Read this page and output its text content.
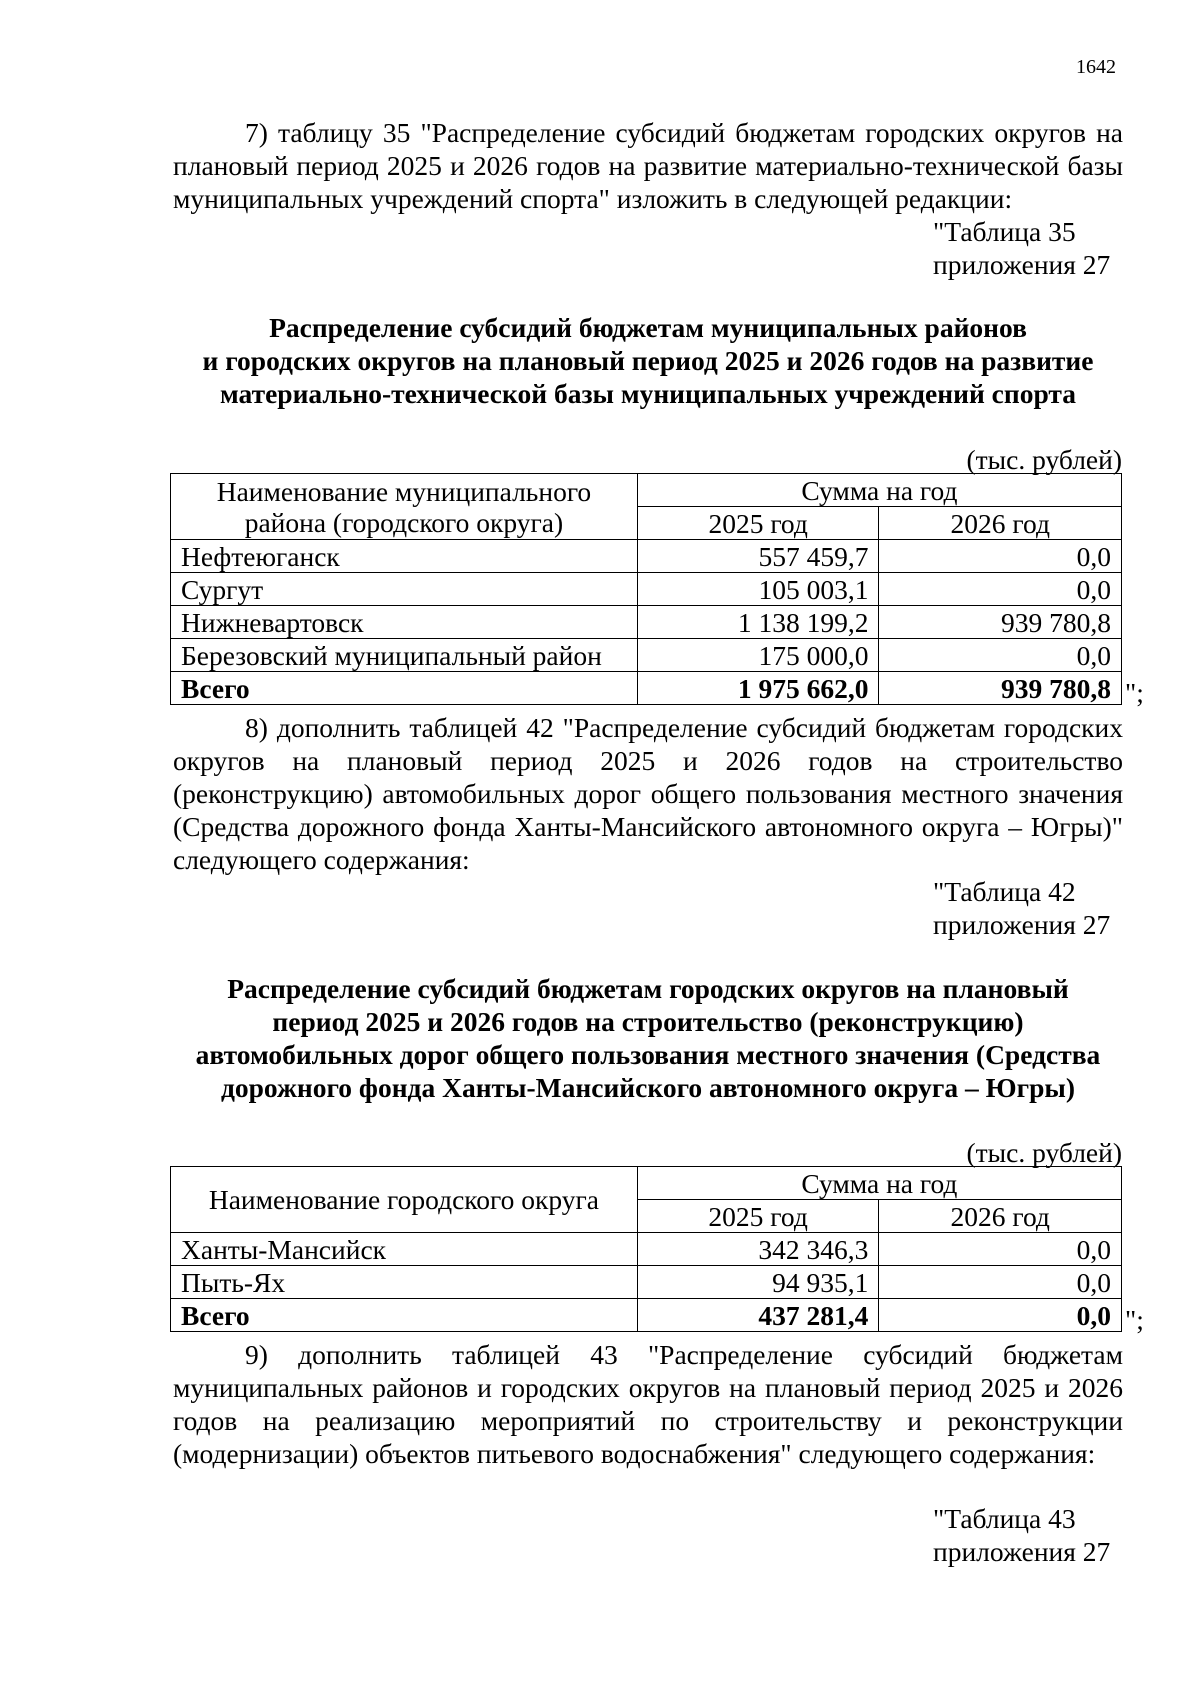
1642
7) таблицу 35 "Распределение субсидий бюджетам городских округов на плановый период 2025 и 2026 годов на развитие материально-технической базы муниципальных учреждений спорта" изложить в следующей редакции:
"Таблица 35
приложения 27
Распределение субсидий бюджетам муниципальных районов
и городских округов на плановый период 2025 и 2026 годов на развитие
материально-технической базы муниципальных учреждений спорта
(тыс. рублей)
Наименование муниципального
района (городского округа)	Сумма на год	
	2025 год	2026 год
Нефтеюганск	557 459,7	0,0
Сургут	105 003,1	0,0
Нижневартовск	1 138 199,2	939 780,8
Березовский муниципальный район	175 000,0	0,0
Всего	1 975 662,0	939 780,8 ";
8) дополнить таблицей 42 "Распределение субсидий бюджетам городских округов на плановый период 2025 и 2026 годов на строительство (реконструкцию) автомобильных дорог общего пользования местного значения (Средства дорожного фонда Ханты-Мансийского автономного округа – Югры)" следующего содержания:
"Таблица 42
приложения 27
Распределение субсидий бюджетам городских округов на плановый
период 2025 и 2026 годов на строительство (реконструкцию)
автомобильных дорог общего пользования местного значения (Средства
дорожного фонда Ханты-Мансийского автономного округа – Югры)
(тыс. рублей)
Наименование городского округа	Сумма на год	
	2025 год	2026 год
Ханты-Мансийск	342 346,3	0,0
Пыть-Ях	94 935,1	0,0
Всего	437 281,4	0,0 ";
9) дополнить таблицей 43 "Распределение субсидий бюджетам муниципальных районов и городских округов на плановый период 2025 и 2026 годов на реализацию мероприятий по строительству и реконструкции (модернизации) объектов питьевого водоснабжения" следующего содержания:
"Таблица 43
приложения 27
